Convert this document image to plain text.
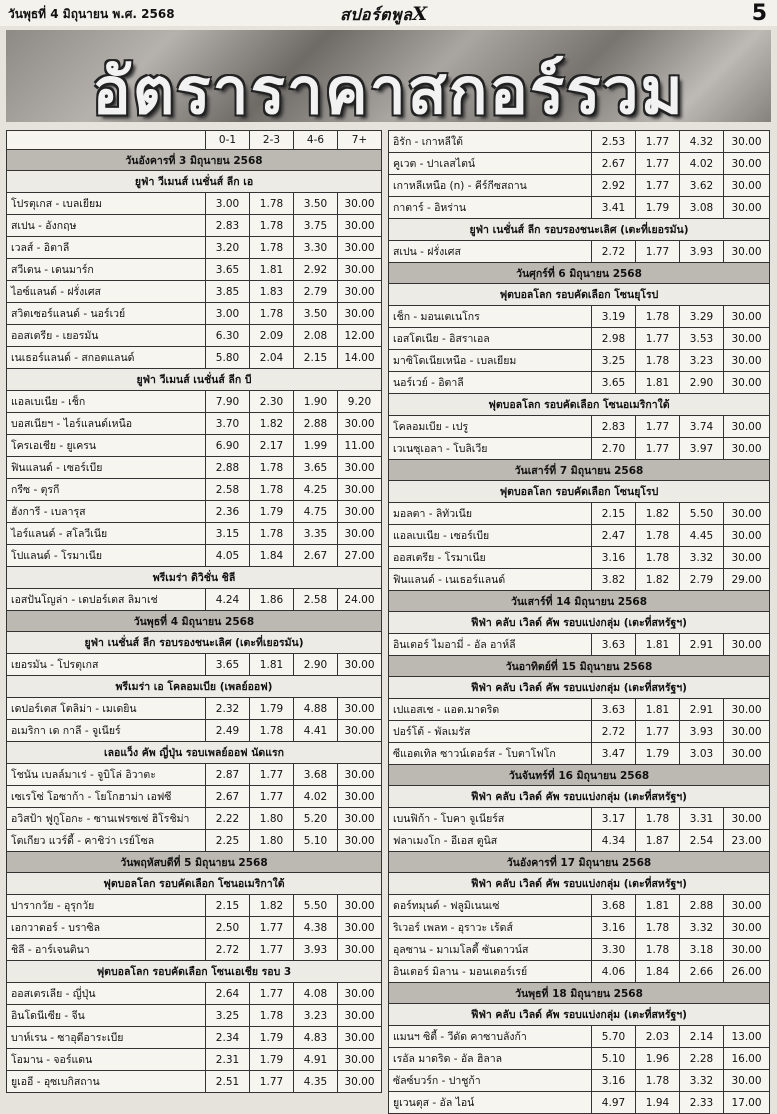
วันพุธที่ 4 มิถุนายน พ.ศ. 2568	สปอร์ตพูลX	5
อัตราราคาสกอร์รวม
	0-1	2-3	4-6	7+
วันอังคารที่ 3 มิถุนายน 2568				
ยูฟ่า วีเมนส์ เนชั่นส์ ลีก เอ				
โปรตุเกส - เบลเยียม	3.00	1.78	3.50	30.00
สเปน - อังกฤษ	2.83	1.78	3.75	30.00
เวลส์ - อิตาลี	3.20	1.78	3.30	30.00
สวีเดน - เดนมาร์ก	3.65	1.81	2.92	30.00
ไอซ์แลนด์ - ฝรั่งเศส	3.85	1.83	2.79	30.00
สวิตเซอร์แลนด์ - นอร์เวย์	3.00	1.78	3.50	30.00
ออสเตรีย - เยอรมัน	6.30	2.09	2.08	12.00
เนเธอร์แลนด์ - สกอตแลนด์	5.80	2.04	2.15	14.00
ยูฟ่า วีเมนส์ เนชั่นส์ ลีก บี				
แอลเบเนีย - เช็ก	7.90	2.30	1.90	9.20
บอสเนียฯ - ไอร์แลนด์เหนือ	3.70	1.82	2.88	30.00
โครเอเชีย - ยูเครน	6.90	2.17	1.99	11.00
ฟินแลนด์ - เซอร์เบีย	2.88	1.78	3.65	30.00
กรีซ - ตุรกี	2.58	1.78	4.25	30.00
ฮังการี - เบลารุส	2.36	1.79	4.75	30.00
ไอร์แลนด์ - สโลวีเนีย	3.15	1.78	3.35	30.00
โปแลนด์ - โรมาเนีย	4.05	1.84	2.67	27.00
พรีเมร่า ดิวิชั่น ชิลี				
เอสปันโญล่า - เดปอร์เตส ลิมาเช่	4.24	1.86	2.58	24.00
วันพุธที่ 4 มิถุนายน 2568				
ยูฟ่า เนชั่นส์ ลีก รอบรองชนะเลิศ (เตะที่เยอรมัน)				
เยอรมัน - โปรตุเกส	3.65	1.81	2.90	30.00
พรีเมร่า เอ โคลอมเบีย (เพลย์ออฟ)				
เดปอร์เตส โตลิม่า - เมเดยิน	2.32	1.79	4.88	30.00
อเมริกา เด กาลี - จูเนียร์	2.49	1.78	4.41	30.00
เลอแว็ง คัพ ญี่ปุ่น รอบเพลย์ออฟ นัดแรก				
โชนัน เบลล์มาเร่ - จูบิโล่ อิวาตะ	2.87	1.77	3.68	30.00
เซเรโซ่ โอซาก้า - โยโกฮาม่า เอฟซี	2.67	1.77	4.02	30.00
อวิสป้า ฟูกูโอกะ - ซานเฟรซเซ่ ฮิโรชิม่า	2.22	1.80	5.20	30.00
โตเกียว แวร์ดี้ - คาชิว่า เรย์โซล	2.25	1.80	5.10	30.00
วันพฤหัสบดีที่ 5 มิถุนายน 2568				
ฟุตบอลโลก รอบคัดเลือก โซนอเมริกาใต้				
ปารากวัย - อุรุกวัย	2.15	1.82	5.50	30.00
เอกวาดอร์ - บราซิล	2.50	1.77	4.38	30.00
ชิลี - อาร์เจนตินา	2.72	1.77	3.93	30.00
ฟุตบอลโลก รอบคัดเลือก โซนเอเชีย รอบ 3				
ออสเตรเลีย - ญี่ปุ่น	2.64	1.77	4.08	30.00
อินโดนีเซีย - จีน	3.25	1.78	3.23	30.00
บาห์เรน - ซาอุดีอาระเบีย	2.34	1.79	4.83	30.00
โอมาน - จอร์แดน	2.31	1.79	4.91	30.00
ยูเออี - อุซเบกิสถาน	2.51	1.77	4.35	30.00
อิรัก - เกาหลีใต้	2.53	1.77	4.32	30.00
คูเวต - ปาเลสไตน์	2.67	1.77	4.02	30.00
เกาหลีเหนือ (n) - คีร์กีซสถาน	2.92	1.77	3.62	30.00
กาตาร์ - อิหร่าน	3.41	1.79	3.08	30.00
ยูฟ่า เนชั่นส์ ลีก รอบรองชนะเลิศ (เตะที่เยอรมัน)				
สเปน - ฝรั่งเศส	2.72	1.77	3.93	30.00
วันศุกร์ที่ 6 มิถุนายน 2568				
ฟุตบอลโลก รอบคัดเลือก โซนยุโรป				
เช็ก - มอนเตเนโกร	3.19	1.78	3.29	30.00
เอสโตเนีย - อิสราเอล	2.98	1.77	3.53	30.00
มาซิโดเนียเหนือ - เบลเยียม	3.25	1.78	3.23	30.00
นอร์เวย์ - อิตาลี	3.65	1.81	2.90	30.00
ฟุตบอลโลก รอบคัดเลือก โซนอเมริกาใต้				
โคลอมเบีย - เปรู	2.83	1.77	3.74	30.00
เวเนซุเอลา - โบลิเวีย	2.70	1.77	3.97	30.00
วันเสาร์ที่ 7 มิถุนายน 2568				
ฟุตบอลโลก รอบคัดเลือก โซนยุโรป				
มอลตา - ลิทัวเนีย	2.15	1.82	5.50	30.00
แอลเบเนีย - เซอร์เบีย	2.47	1.78	4.45	30.00
ออสเตรีย - โรมาเนีย	3.16	1.78	3.32	30.00
ฟินแลนด์ - เนเธอร์แลนด์	3.82	1.82	2.79	29.00
วันเสาร์ที่ 14 มิถุนายน 2568				
ฟีฟ่า คลับ เวิลด์ คัพ รอบแบ่งกลุ่ม (เตะที่สหรัฐฯ)				
อินเตอร์ ไมอามี่ - อัล อาห์ลี	3.63	1.81	2.91	30.00
วันอาทิตย์ที่ 15 มิถุนายน 2568				
ฟีฟ่า คลับ เวิลด์ คัพ รอบแบ่งกลุ่ม (เตะที่สหรัฐฯ)				
เปแอสเช - แอต.มาดริด	3.63	1.81	2.91	30.00
ปอร์โต้ - พัลเมรัส	2.72	1.77	3.93	30.00
ซีแอตเทิล ซาวน์เดอร์ส - โบตาโฟโก	3.47	1.79	3.03	30.00
วันจันทร์ที่ 16 มิถุนายน 2568				
ฟีฟ่า คลับ เวิลด์ คัพ รอบแบ่งกลุ่ม (เตะที่สหรัฐฯ)				
เบนฟิก้า - โบคา จูเนียร์ส	3.17	1.78	3.31	30.00
ฟลาเมงโก - อีเอส ตูนิส	4.34	1.87	2.54	23.00
วันอังคารที่ 17 มิถุนายน 2568				
ฟีฟ่า คลับ เวิลด์ คัพ รอบแบ่งกลุ่ม (เตะที่สหรัฐฯ)				
ดอร์ทมุนด์ - ฟลูมิเนนเซ่	3.68	1.81	2.88	30.00
ริเวอร์ เพลท - อุราวะ เร้ดส์	3.16	1.78	3.32	30.00
อุลซาน - มาเมโลดี้ ซันดาวน์ส	3.30	1.78	3.18	30.00
อินเตอร์ มิลาน - มอนเตอร์เรย์	4.06	1.84	2.66	26.00
วันพุธที่ 18 มิถุนายน 2568				
ฟีฟ่า คลับ เวิลด์ คัพ รอบแบ่งกลุ่ม (เตะที่สหรัฐฯ)				
แมนฯ ซิตี้ - วีดัด คาซาบลังก้า	5.70	2.03	2.14	13.00
เรอัล มาดริด - อัล ฮิลาล	5.10	1.96	2.28	16.00
ซัลซ์บวร์ก - ปาชูก้า	3.16	1.78	3.32	30.00
ยูเวนตุส - อัล ไอน์	4.97	1.94	2.33	17.00
